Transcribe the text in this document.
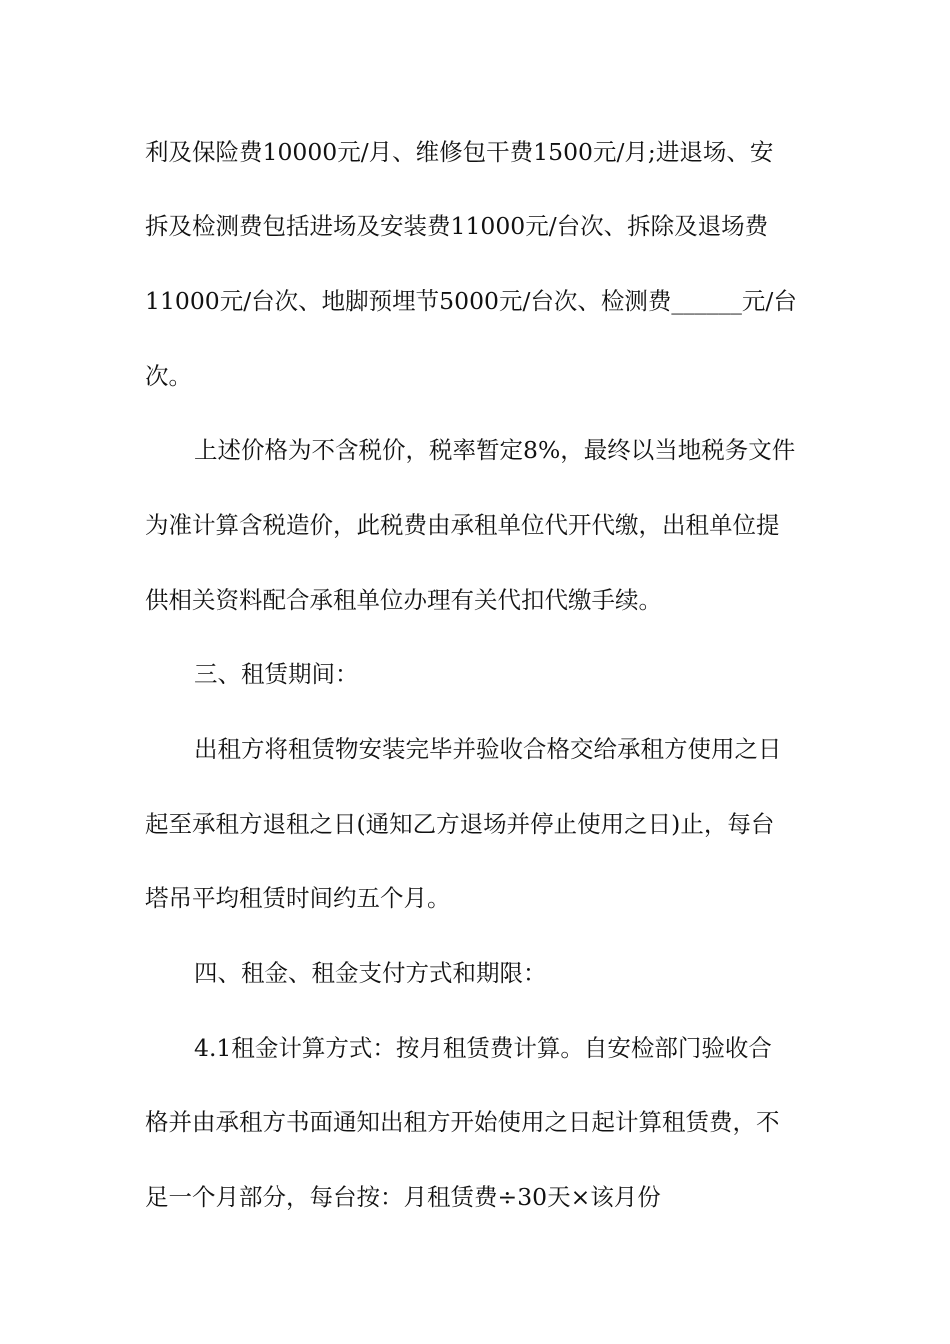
利及保险费10000元/月、维修包干费1500元/月;进退场、安
拆及检测费包括进场及安装费11000元/台次、拆除及退场费
11000元/台次、地脚预埋节5000元/台次、检测费______元/台
次。
上述价格为不含税价，税率暂定8%，最终以当地税务文件
为准计算含税造价，此税费由承租单位代开代缴，出租单位提
供相关资料配合承租单位办理有关代扣代缴手续。
三、租赁期间：
出租方将租赁物安装完毕并验收合格交给承租方使用之日
起至承租方退租之日(通知乙方退场并停止使用之日)止，每台
塔吊平均租赁时间约五个月。
四、租金、租金支付方式和期限：
4.1租金计算方式：按月租赁费计算。自安检部门验收合
格并由承租方书面通知出租方开始使用之日起计算租赁费，不
足一个月部分，每台按：月租赁费÷30天×该月份
